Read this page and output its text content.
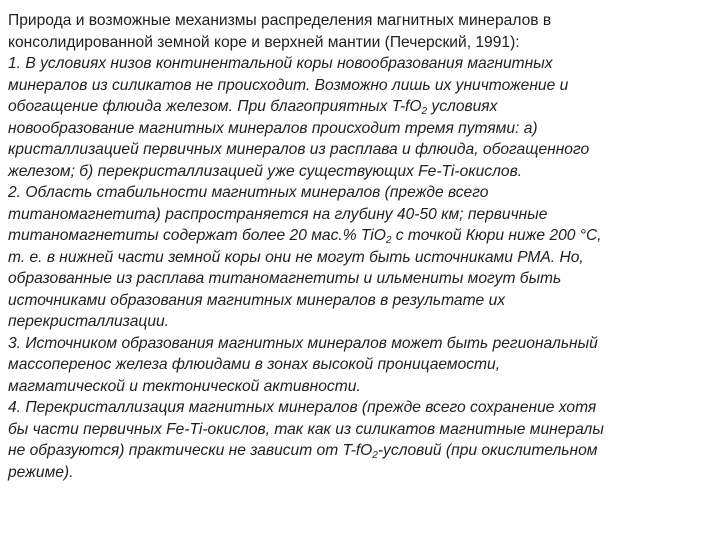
Природа и возможные механизмы распределения магнитных минералов в
консолидированной земной коре и верхней мантии (Печерский, 1991):
1. В условиях низов континентальной коры новообразования магнитных
минералов из силикатов не происходит. Возможно лишь их уничтожение и
обогащение флюида железом. При благоприятных $T-fO_2$ условиях
новообразование магнитных минералов происходит тремя путями: а)
кристаллизацией первичных минералов из расплава и флюида, обогащенного
железом; б) перекристаллизацией уже существующих Fe-Ti-окислов.
2. Область стабильности магнитных минералов (прежде всего
титаномагнетита) распространяется на глубину 40-50 км; первичные
титаномагнетиты содержат более 20 мас.% TiO$_2$ с точкой Кюри ниже 200 °C,
т. е. в нижней части земной коры они не могут быть источниками РМА. Но,
образованные из расплава титаномагнетиты и ильмениты могут быть
источниками образования магнитных минералов в результате их
перекристаллизации.
3. Источником образования магнитных минералов может быть региональный
массоперенос железа флюидами в зонах высокой проницаемости,
магматической и тектонической активности.
4. Перекристаллизация магнитных минералов (прежде всего сохранение хотя
бы части первичных Fe-Ti-окислов, так как из силикатов магнитные минералы
не образуются) практически не зависит от $T-fO_2$-условий (при окислительном
режиме).
